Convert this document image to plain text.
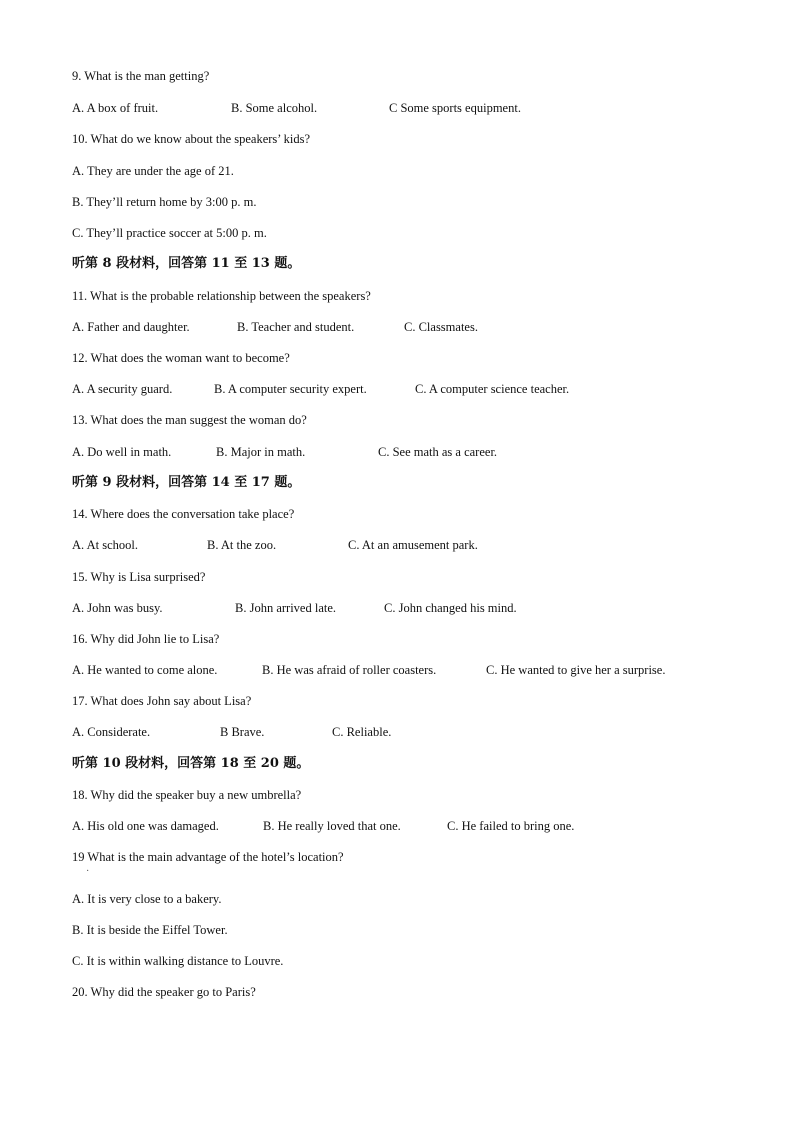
9. What is the man getting?
A. A box of fruit.	B. Some alcohol.	C Some sports equipment.
10. What do we know about the speakers’ kids?
A. They are under the age of 21.
B. They’ll return home by 3:00 p. m.
C. They’ll practice soccer at 5:00 p. m.
听第 8 段材料，回答第 11 至 13 题。
11. What is the probable relationship between the speakers?
A. Father and daughter.	B. Teacher and student.	C. Classmates.
12. What does the woman want to become?
A. A security guard.	B. A computer security expert.	C. A computer science teacher.
13. What does the man suggest the woman do?
A. Do well in math.	B. Major in math.	C. See math as a career.
听第 9 段材料，回答第 14 至 17 题。
14. Where does the conversation take place?
A. At school.	B. At the zoo.	C. At an amusement park.
15. Why is Lisa surprised?
A. John was busy.	B. John arrived late.	C. John changed his mind.
16. Why did John lie to Lisa?
A. He wanted to come alone.	B. He was afraid of roller coasters.	C. He wanted to give her a surprise.
17. What does John say about Lisa?
A. Considerate.	B Brave.	C. Reliable.
听第 10 段材料，回答第 18 至 20 题。
18. Why did the speaker buy a new umbrella?
A. His old one was damaged.	B. He really loved that one.	C. He failed to bring one.
19 What is the main advantage of the hotel’s location?
A. It is very close to a bakery.
B. It is beside the Eiffel Tower.
C. It is within walking distance to Louvre.
20. Why did the speaker go to Paris?
·
